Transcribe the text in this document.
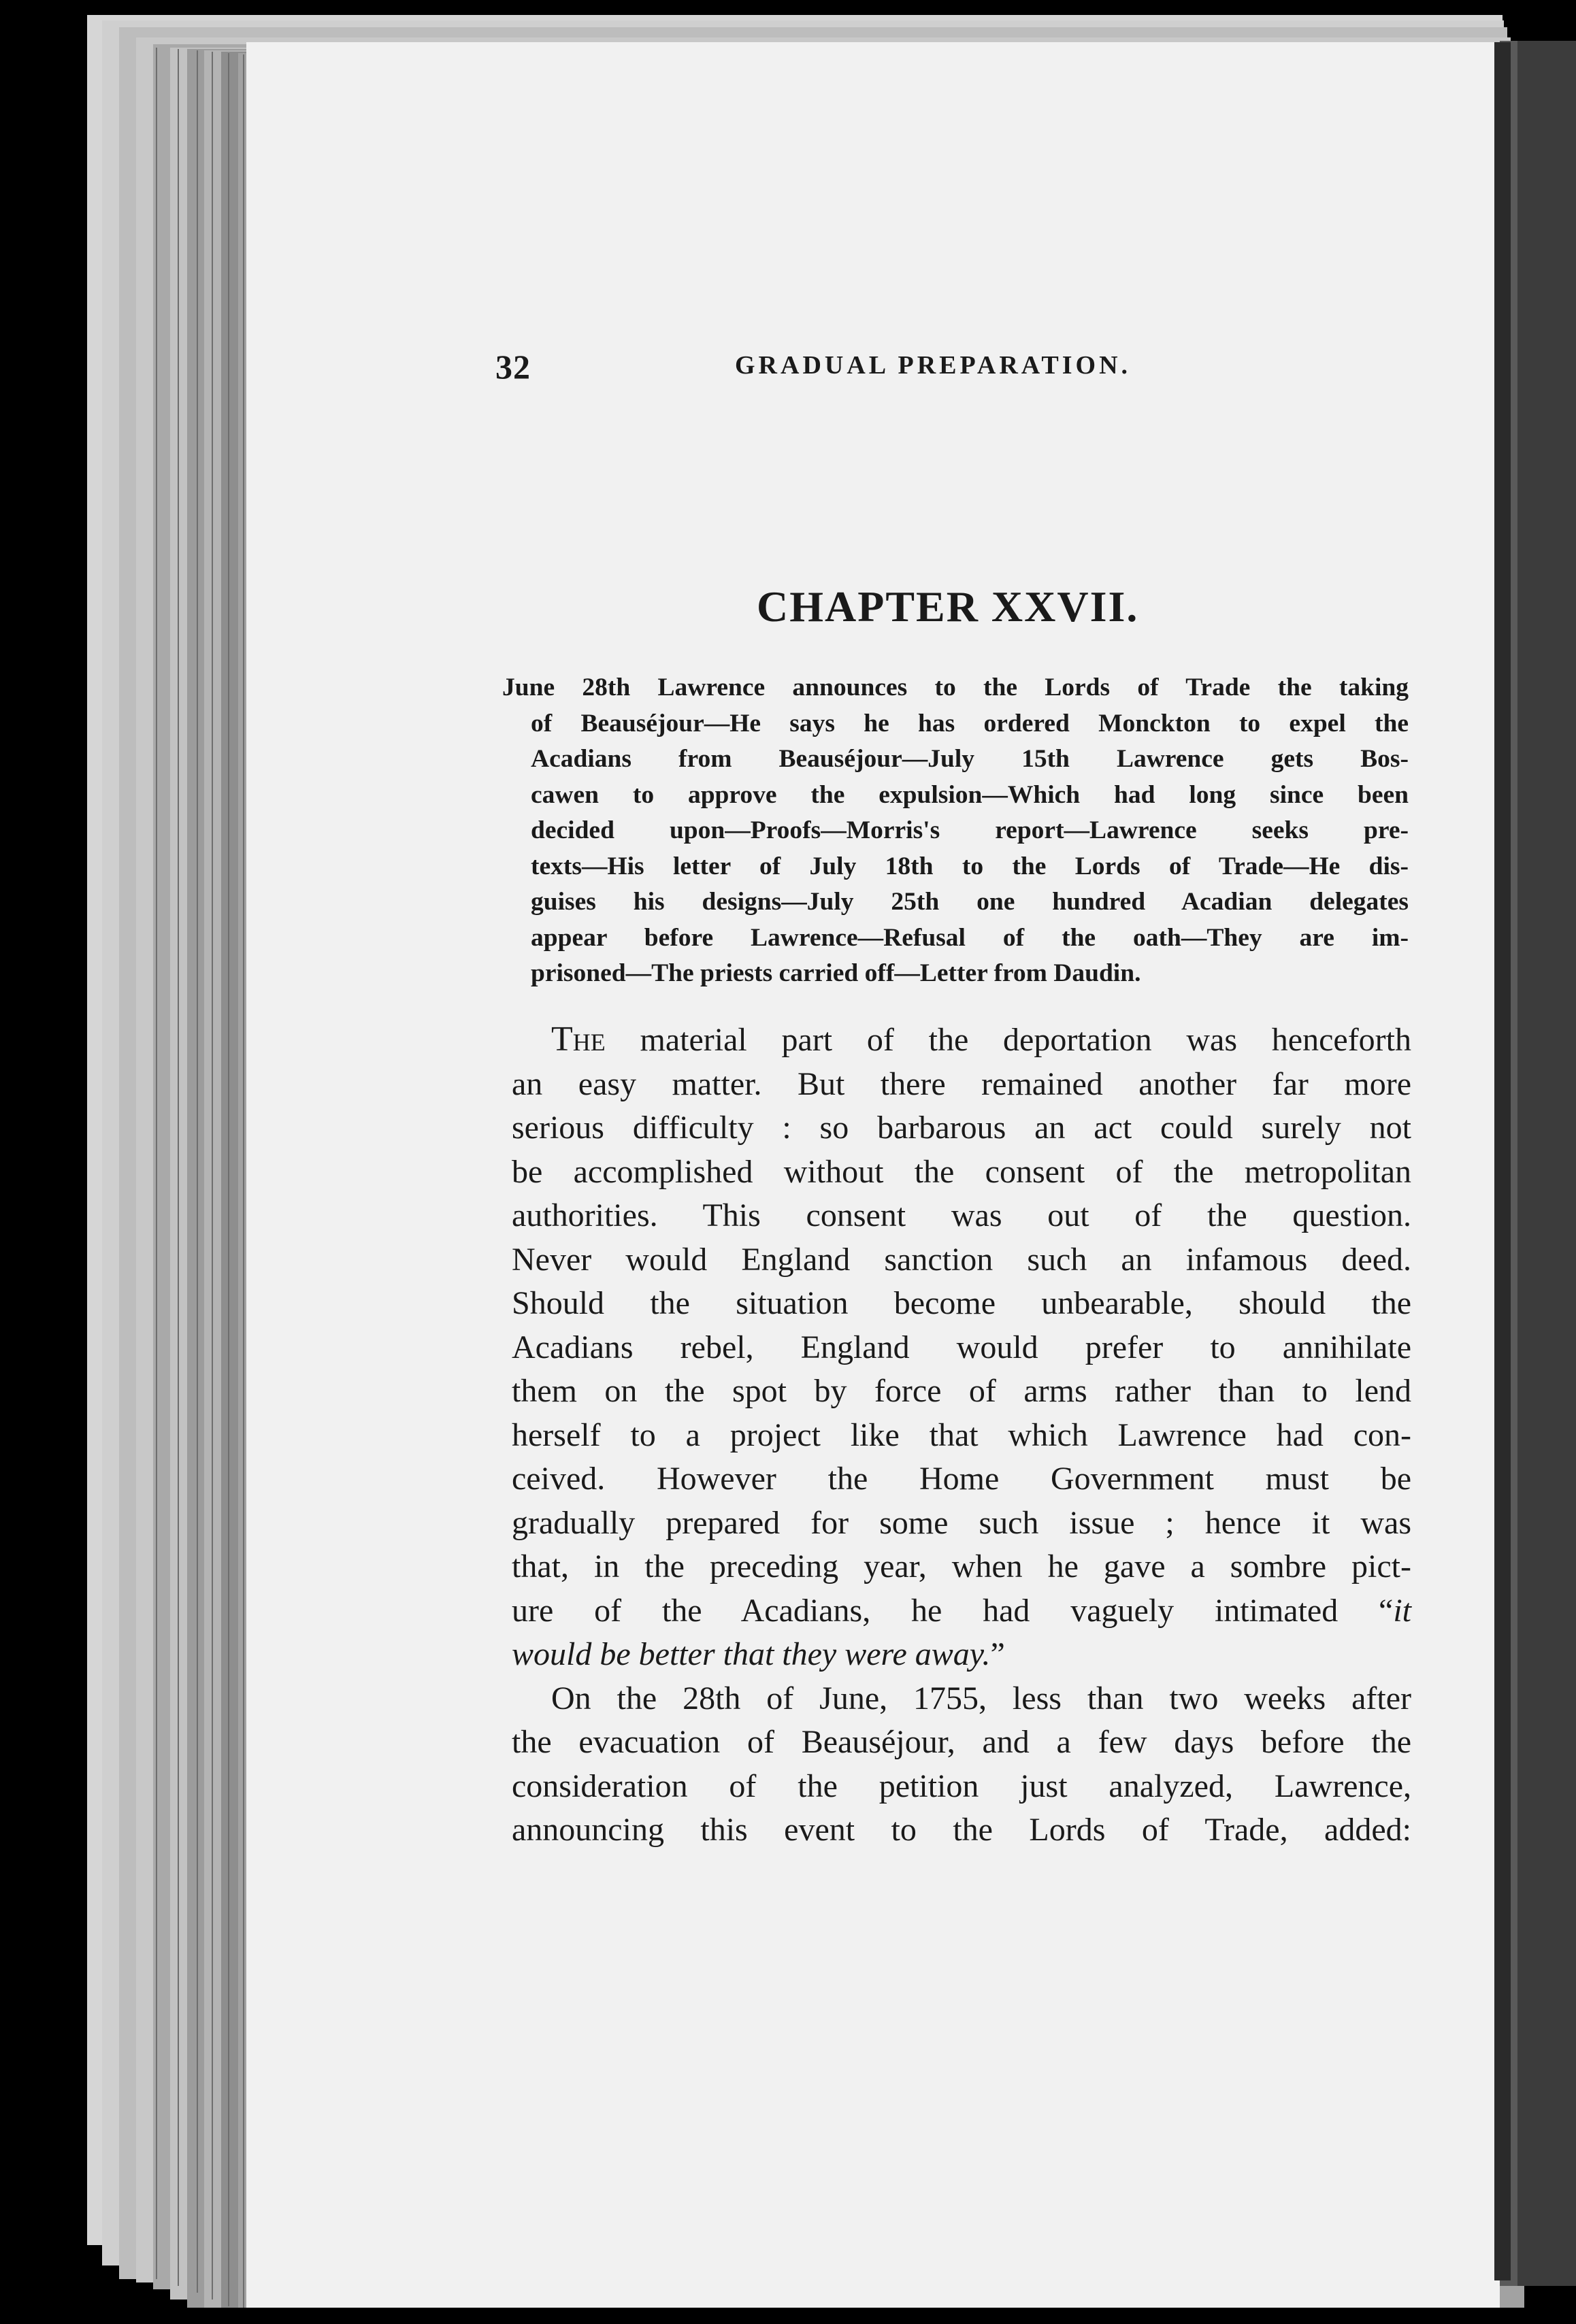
32	GRADUAL PREPARATION.
CHAPTER XXVII.
June 28th Lawrence announces to the Lords of Trade the taking
of Beauséjour—He says he has ordered Monckton to expel the
Acadians from Beauséjour—July 15th Lawrence gets Bos-
cawen to approve the expulsion—Which had long since been
decided upon—Proofs—Morris's report—Lawrence seeks pre-
texts—His letter of July 18th to the Lords of Trade—He dis-
guises his designs—July 25th one hundred Acadian delegates
appear before Lawrence—Refusal of the oath—They are im-
prisoned—The priests carried off—Letter from Daudin.
The material part of the deportation was henceforth
an easy matter. But there remained another far more
serious difficulty : so barbarous an act could surely not
be accomplished without the consent of the metropolitan
authorities. This consent was out of the question.
Never would England sanction such an infamous deed.
Should the situation become unbearable, should the
Acadians rebel, England would prefer to annihilate
them on the spot by force of arms rather than to lend
herself to a project like that which Lawrence had con-
ceived. However the Home Government must be
gradually prepared for some such issue ; hence it was
that, in the preceding year, when he gave a sombre pict-
ure of the Acadians, he had vaguely intimated “it
would be better that they were away.”
On the 28th of June, 1755, less than two weeks after
the evacuation of Beauséjour, and a few days before the
consideration of the petition just analyzed, Lawrence,
announcing this event to the Lords of Trade, added:
